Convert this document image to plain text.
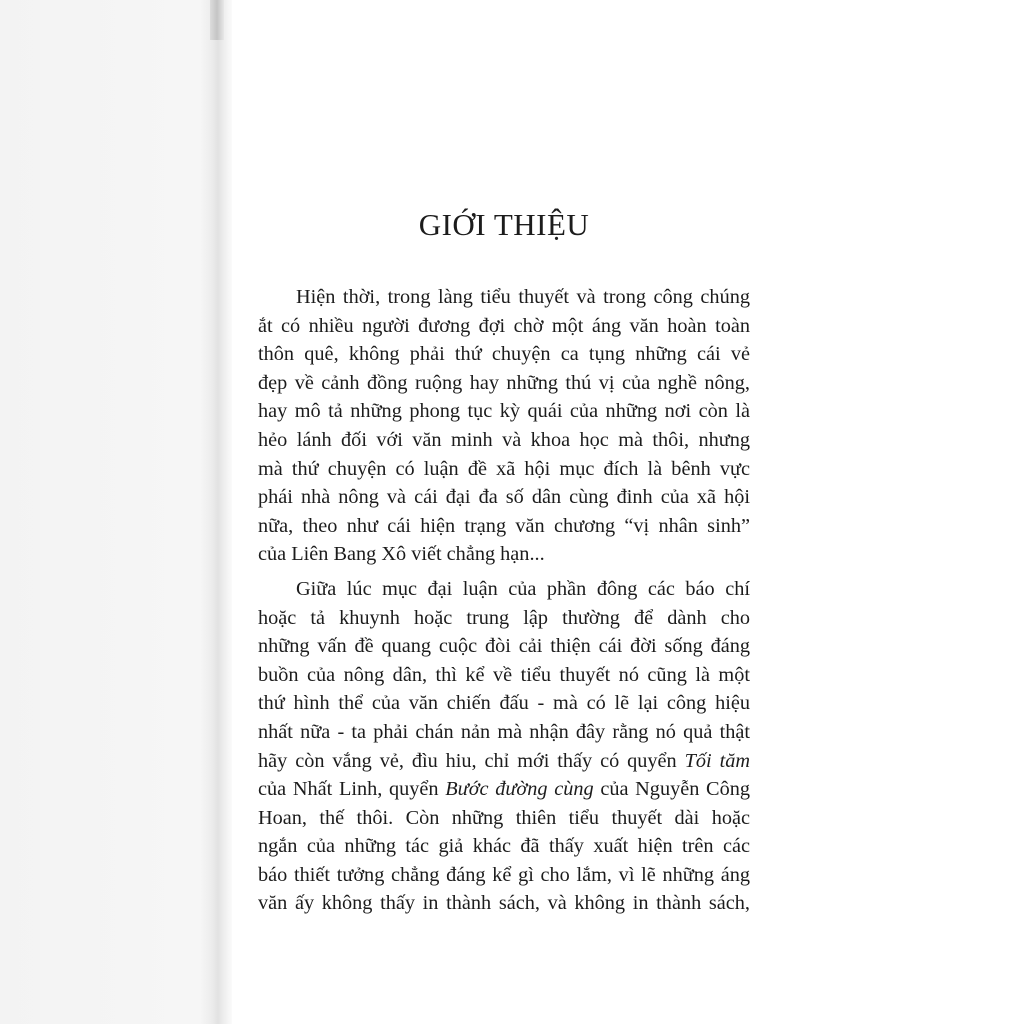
GIỚI THIỆU
Hiện thời, trong làng tiểu thuyết và trong công chúng
ắt có nhiều người đương đợi chờ một áng văn hoàn toàn
thôn quê, không phải thứ chuyện ca tụng những cái vẻ
đẹp về cảnh đồng ruộng hay những thú vị của nghề nông,
hay mô tả những phong tục kỳ quái của những nơi còn là
hẻo lánh đối với văn minh và khoa học mà thôi, nhưng
mà thứ chuyện có luận đề xã hội mục đích là bênh vực
phái nhà nông và cái đại đa số dân cùng đinh của xã hội
nữa, theo như cái hiện trạng văn chương “vị nhân sinh”
của Liên Bang Xô viết chẳng hạn...
Giữa lúc mục đại luận của phần đông các báo chí
hoặc tả khuynh hoặc trung lập thường để dành cho
những vấn đề quang cuộc đòi cải thiện cái đời sống đáng
buồn của nông dân, thì kể về tiểu thuyết nó cũng là một
thứ hình thể của văn chiến đấu - mà có lẽ lại công hiệu
nhất nữa - ta phải chán nản mà nhận đây rằng nó quả thật
hãy còn vắng vẻ, đìu hiu, chỉ mới thấy có quyển Tối tăm
của Nhất Linh, quyển Bước đường cùng của Nguyễn Công
Hoan, thế thôi. Còn những thiên tiểu thuyết dài hoặc
ngắn của những tác giả khác đã thấy xuất hiện trên các
báo thiết tưởng chẳng đáng kể gì cho lắm, vì lẽ những áng
văn ấy không thấy in thành sách, và không in thành sách,
